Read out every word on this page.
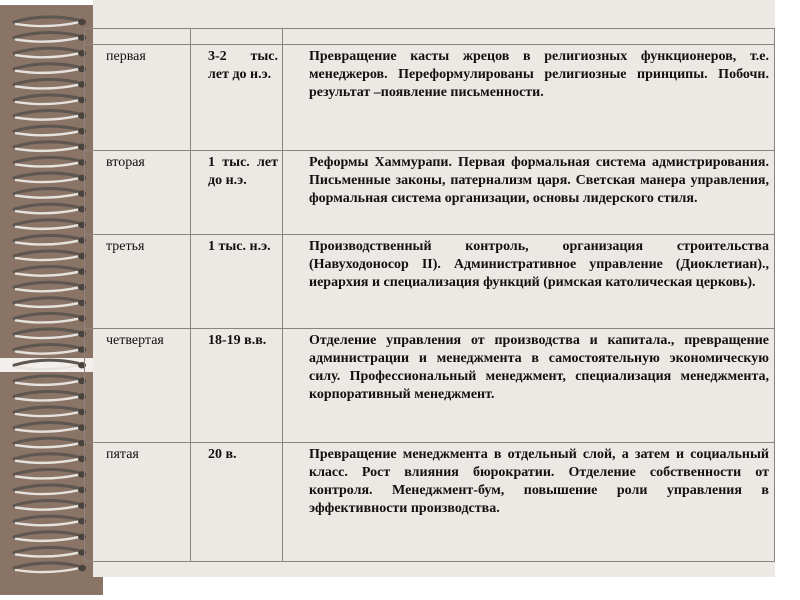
первая	3-2 тыс. лет до н.э.	Превращение касты жрецов в религиозных функционеров, т.е. менеджеров. Переформулированы религиозные принципы. Побочн. результат –появление письменности.
вторая	1 тыс. лет до н.э.	Реформы Хаммурапи. Первая формальная система адмистрирования. Письменные законы, патернализм царя. Светская манера управления, формальная система организации, основы лидерского стиля.
третья	1 тыс. н.э.	Производственный контроль, организация строительства (Навуходоносор II). Административное управление (Диоклетиан)., иерархия и специализация функций (римская католическая церковь).
четвертая	18-19 в.в.	Отделение управления от производства и капитала., превращение администрации и менеджмента в самостоятельную экономическую силу. Профессиональный менеджмент, специализация менеджмента, корпоративный менеджмент.
пятая	20 в.	Превращение менеджмента в отдельный слой, а затем и социальный класс. Рост влияния бюрократии. Отделение собственности от контроля. Менеджмент-бум, повышение роли управления в эффективности производства.
